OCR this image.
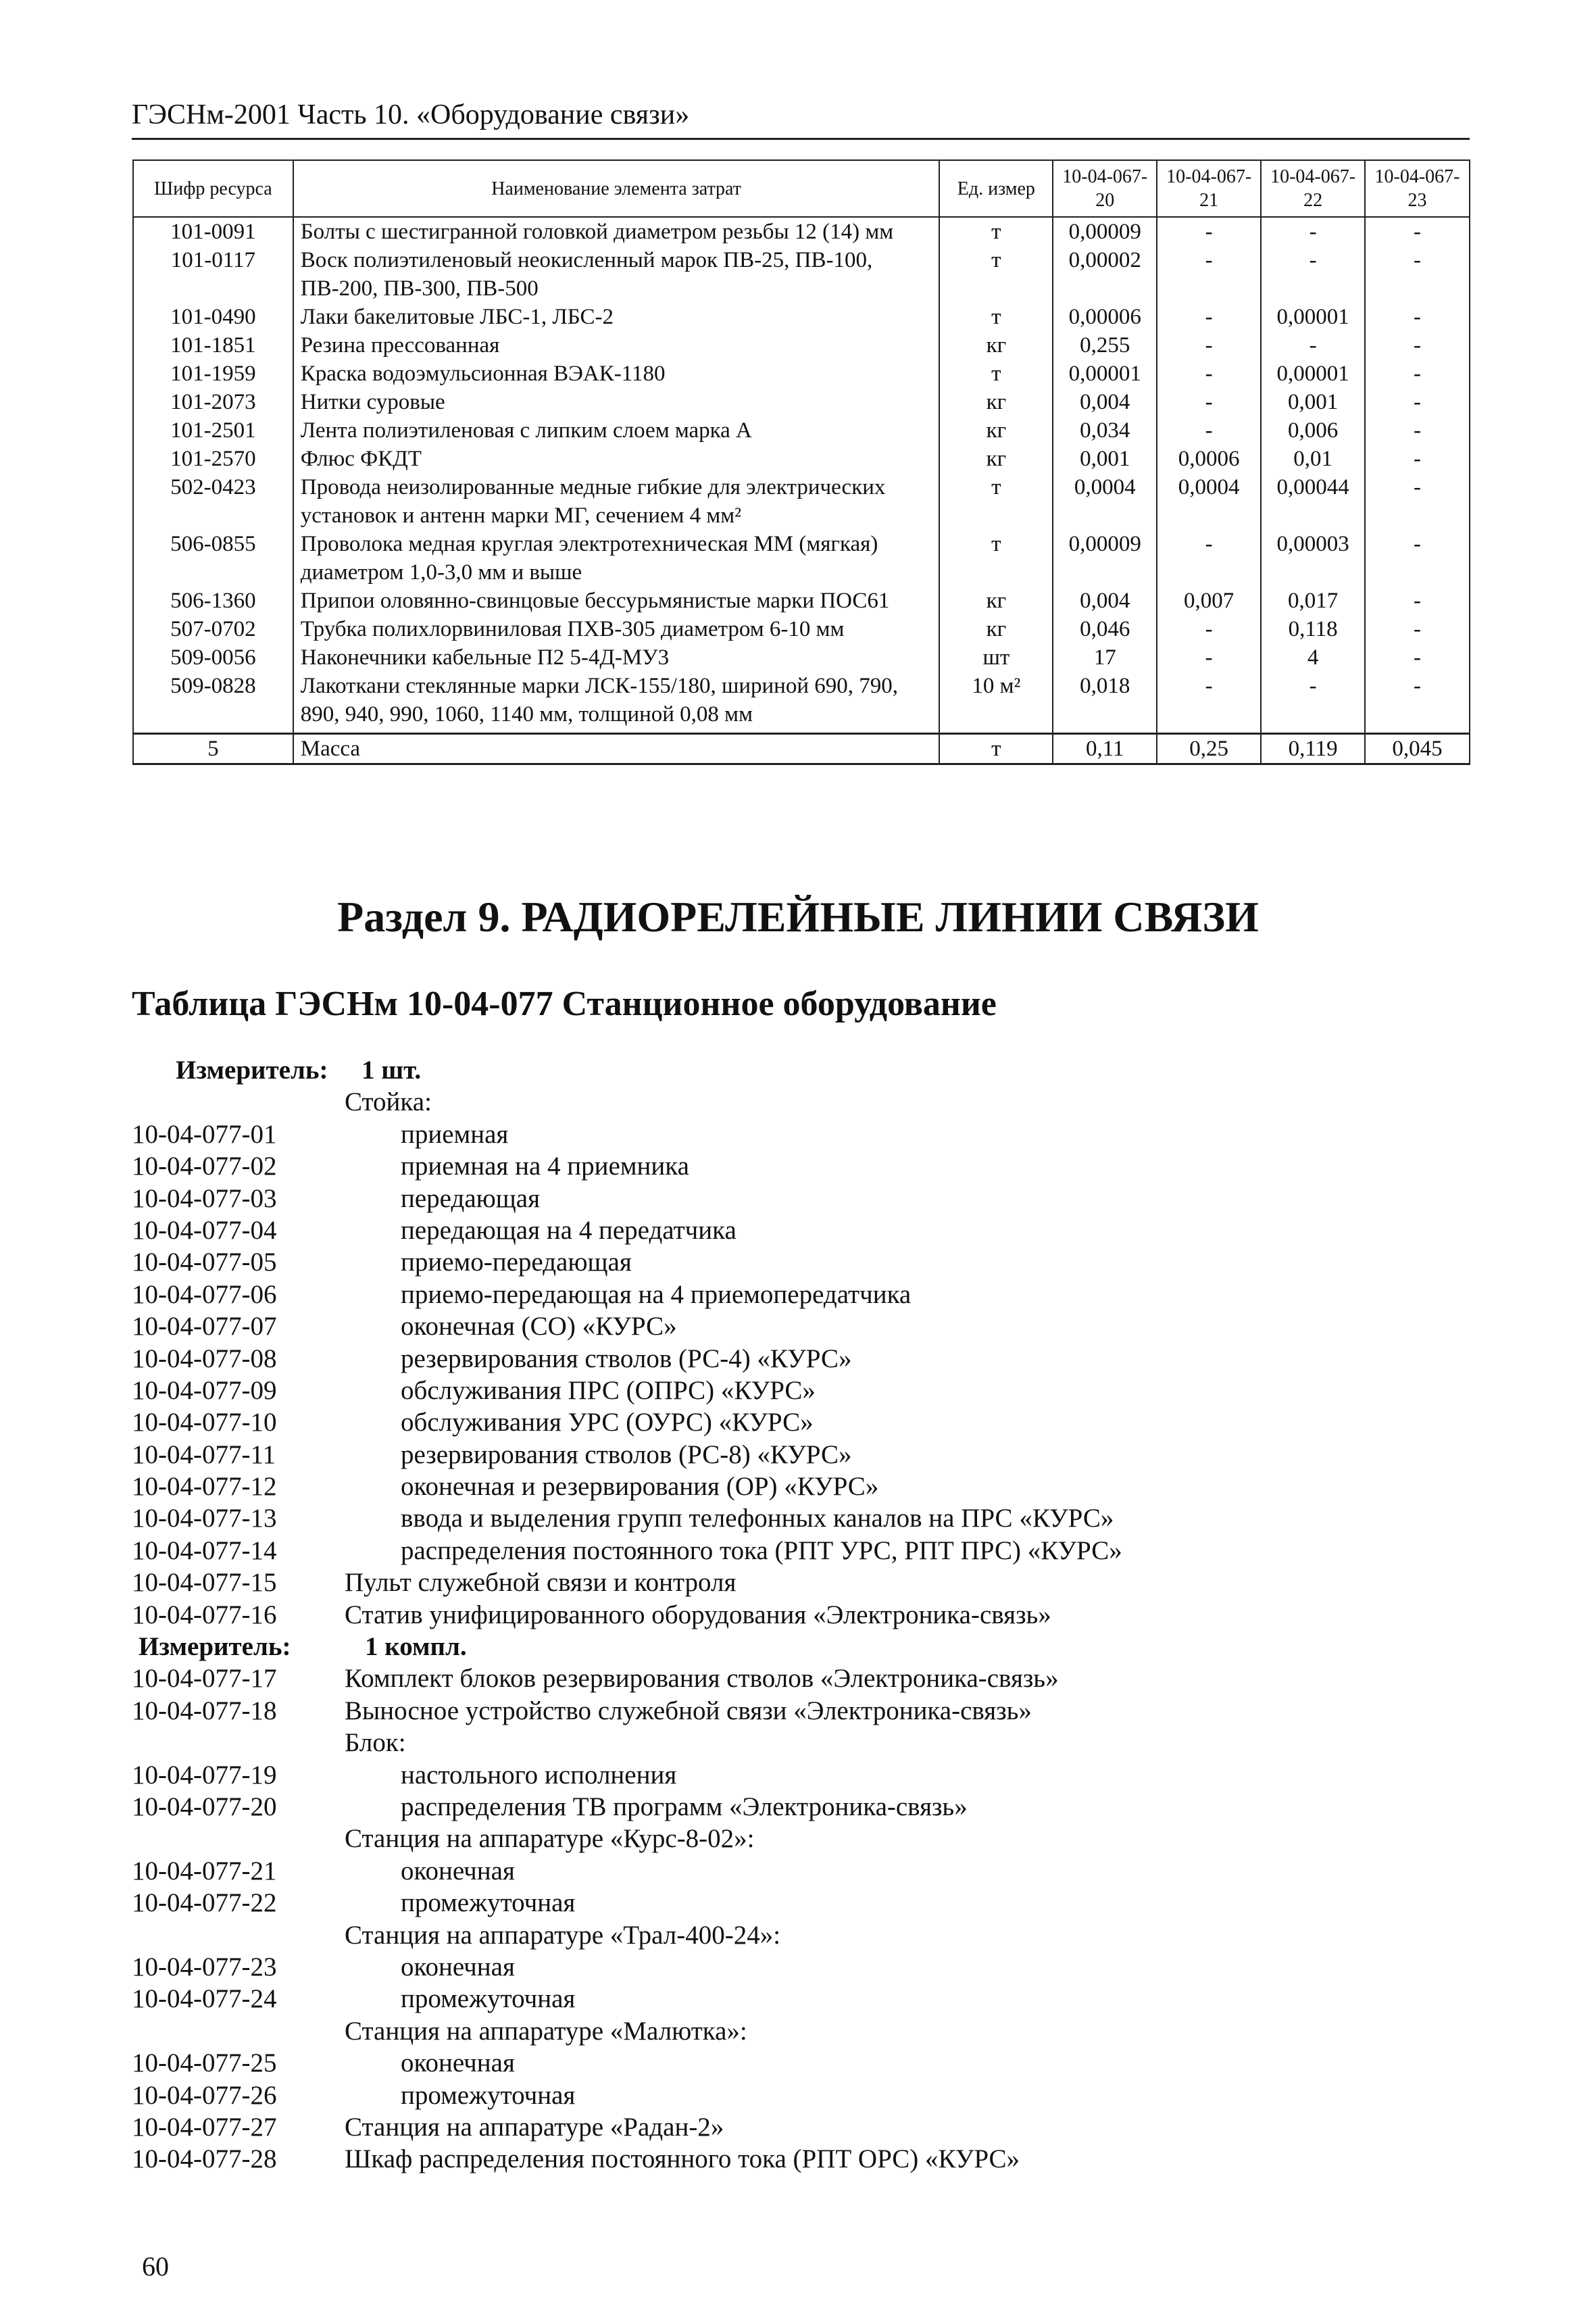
ГЭСНм-2001 Часть 10. «Оборудование связи»
Шифр ресурса	Наименование элемента затрат	Ед. измер	10-04-067-20	10-04-067-21	10-04-067-22	10-04-067-23
101-0091	Болты с шестигранной головкой диаметром резьбы 12 (14) мм	т	0,00009	-	-	-
101-0117	Воск полиэтиленовый неокисленный марок ПВ-25, ПВ-100, ПВ-200, ПВ-300, ПВ-500	т	0,00002	-	-	-
101-0490	Лаки бакелитовые ЛБС-1, ЛБС-2	т	0,00006	-	0,00001	-
101-1851	Резина прессованная	кг	0,255	-	-	-
101-1959	Краска водоэмульсионная ВЭАК-1180	т	0,00001	-	0,00001	-
101-2073	Нитки суровые	кг	0,004	-	0,001	-
101-2501	Лента полиэтиленовая с липким слоем марка А	кг	0,034	-	0,006	-
101-2570	Флюс ФКДТ	кг	0,001	0,0006	0,01	-
502-0423	Провода неизолированные медные гибкие для электрических установок и антенн марки МГ, сечением 4 мм²	т	0,0004	0,0004	0,00044	-
506-0855	Проволока медная круглая электротехническая ММ (мягкая) диаметром 1,0-3,0 мм и выше	т	0,00009	-	0,00003	-
506-1360	Припои оловянно-свинцовые бессурьмянистые марки ПОС61	кг	0,004	0,007	0,017	-
507-0702	Трубка полихлорвиниловая ПХВ-305 диаметром 6-10 мм	кг	0,046	-	0,118	-
509-0056	Наконечники кабельные П2 5-4Д-МУ3	шт	17	-	4	-
509-0828	Лакоткани стеклянные марки ЛСК-155/180, шириной 690, 790, 890, 940, 990, 1060, 1140 мм, толщиной 0,08 мм	10 м²	0,018	-	-	-
5	Масса	т	0,11	0,25	0,119	0,045
Раздел 9. РАДИОРЕЛЕЙНЫЕ ЛИНИИ СВЯЗИ
Таблица ГЭСНм 10-04-077 Станционное оборудование
Измеритель: 1 шт.
Стойка:
10-04-077-01	приемная
10-04-077-02	приемная на 4 приемника
10-04-077-03	передающая
10-04-077-04	передающая на 4 передатчика
10-04-077-05	приемо-передающая
10-04-077-06	приемо-передающая на 4 приемопередатчика
10-04-077-07	оконечная (СО) «КУРС»
10-04-077-08	резервирования стволов (РС-4) «КУРС»
10-04-077-09	обслуживания ПРС (ОПРС) «КУРС»
10-04-077-10	обслуживания УРС (ОУРС) «КУРС»
10-04-077-11	резервирования стволов (РС-8) «КУРС»
10-04-077-12	оконечная и резервирования (ОР) «КУРС»
10-04-077-13	ввода и выделения групп телефонных каналов на ПРС «КУРС»
10-04-077-14	распределения постоянного тока (РПТ УРС, РПТ ПРС) «КУРС»
10-04-077-15	Пульт служебной связи и контроля
10-04-077-16	Статив унифицированного оборудования «Электроника-связь»
Измеритель:	1 компл.
10-04-077-17	Комплект блоков резервирования стволов «Электроника-связь»
10-04-077-18	Выносное устройство служебной связи «Электроника-связь»
Блок:
10-04-077-19	настольного исполнения
10-04-077-20	распределения ТВ программ «Электроника-связь»
Станция на аппаратуре «Курс-8-02»:
10-04-077-21	оконечная
10-04-077-22	промежуточная
Станция на аппаратуре «Трал-400-24»:
10-04-077-23	оконечная
10-04-077-24	промежуточная
Станция на аппаратуре «Малютка»:
10-04-077-25	оконечная
10-04-077-26	промежуточная
10-04-077-27	Станция на аппаратуре «Радан-2»
10-04-077-28	Шкаф распределения постоянного тока (РПТ ОРС) «КУРС»
60
